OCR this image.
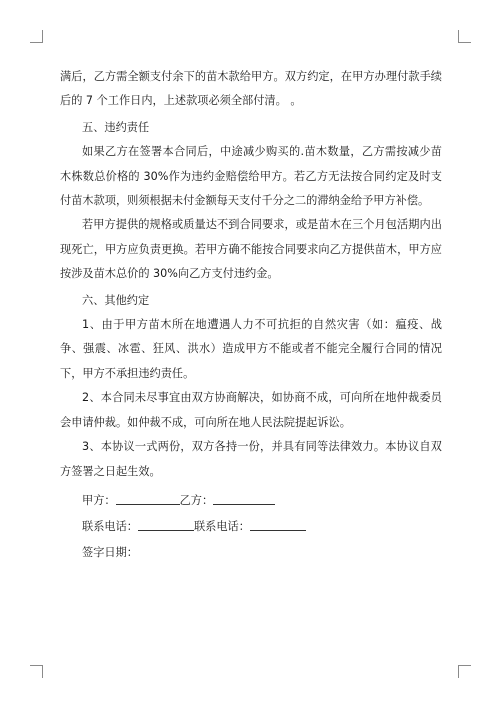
满后，乙方需全额支付余下的苗木款给甲方。双方约定，在甲方办理付款手续后的 7 个工作日内，上述款项必须全部付清。 。

五、违约责任

如果乙方在签署本合同后，中途减少购买的.苗木数量，乙方需按减少苗木株数总价格的 30%作为违约金赔偿给甲方。若乙方无法按合同约定及时支付苗木款项，则须根据未付金额每天支付千分之二的滞纳金给予甲方补偿。

若甲方提供的规格或质量达不到合同要求，或是苗木在三个月包活期内出现死亡，甲方应负责更换。若甲方确不能按合同要求向乙方提供苗木，甲方应按涉及苗木总价的 30%向乙方支付违约金。

六、其他约定

1、由于甲方苗木所在地遭遇人力不可抗拒的自然灾害（如：瘟疫、战争、强震、冰雹、狂风、洪水）造成甲方不能或者不能完全履行合同的情况下，甲方不承担违约责任。

2、本合同未尽事宜由双方协商解决，如协商不成，可向所在地仲裁委员会申请仲裁。如仲裁不成，可向所在地人民法院提起诉讼。

3、本协议一式两份，双方各持一份，并具有同等法律效力。本协议自双方签署之日起生效。

甲方：	乙方：

联系电话：	联系电话：

签字日期：
